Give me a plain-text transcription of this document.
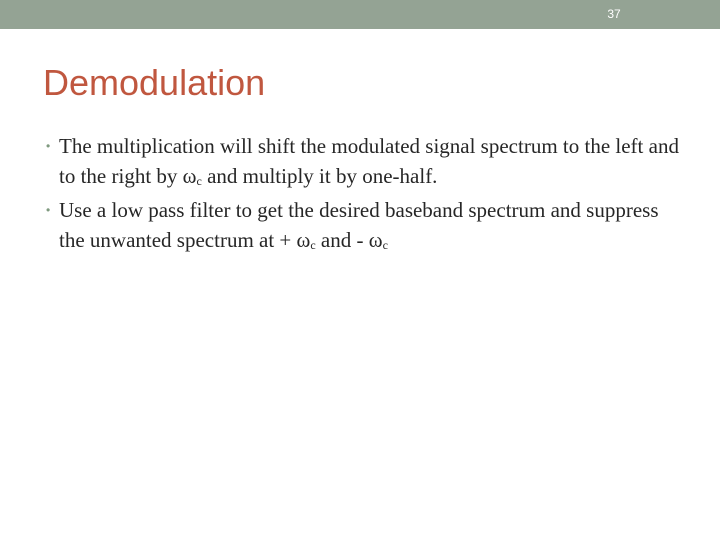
37
Demodulation
• The multiplication will shift the modulated signal spectrum to the left and to the right by $\omega_c$ and multiply it by one-half.
• Use a low pass filter to get the desired baseband spectrum and suppress the unwanted spectrum at + $\omega_c$ and - $\omega_c$
